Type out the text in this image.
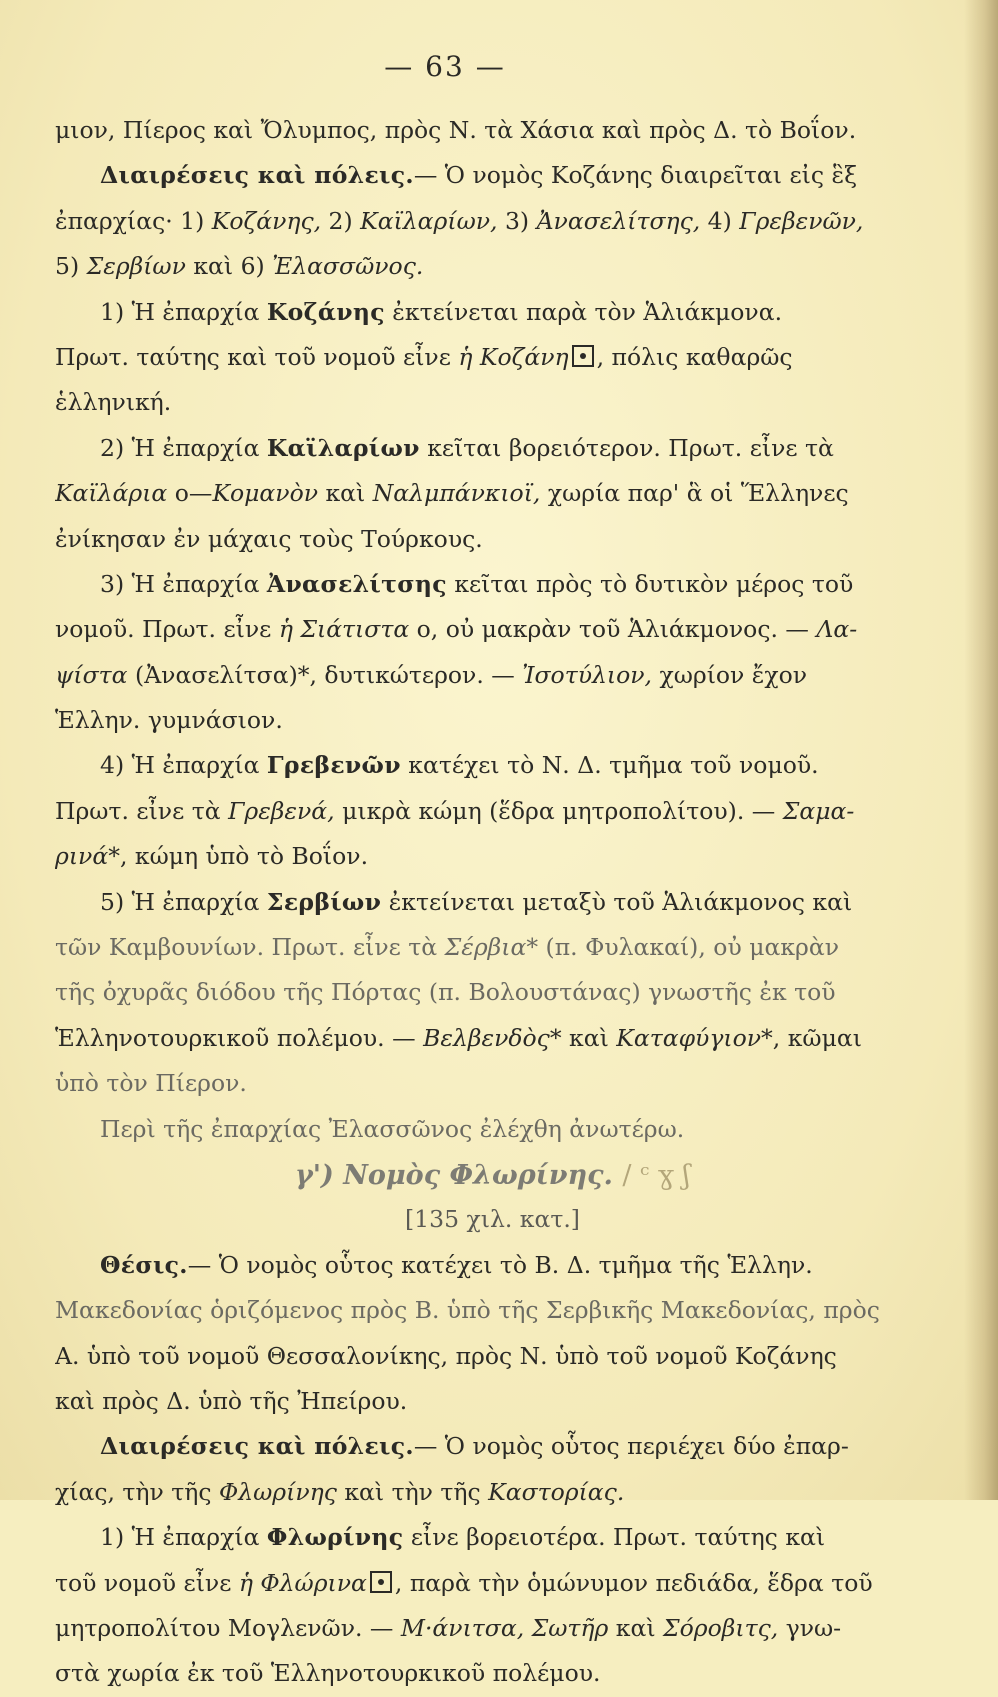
— 63 —
μιον, Πίερος καὶ Ὄλυμπος, πρὸς Ν. τὰ Χάσια καὶ πρὸς Δ. τὸ Βοΐον.
Διαιρέσεις καὶ πόλεις.— Ὁ νομὸς Κοζάνης διαιρεῖται εἰς ἓξ
ἐπαρχίας· 1) Κοζάνης, 2) Καϊλαρίων, 3) Ἀνασελίτσης, 4) Γρεβενῶν,
5) Σερβίων καὶ 6) Ἐλασσῶνος.
1) Ἡ ἐπαρχία Κοζάνης ἐκτείνεται παρὰ τὸν Ἁλιάκμονα.
Πρωτ. ταύτης καὶ τοῦ νομοῦ εἶνε ἡ Κοζάνη , πόλις καθαρῶς
ἑλληνική.
2) Ἡ ἐπαρχία Καϊλαρίων κεῖται βορειότερον. Πρωτ. εἶνε τὰ
Καϊλάρια ο—Κομανὸν καὶ Ναλμπάνκιοϊ, χωρία παρ' ἃ οἱ Ἕλληνες
ἐνίκησαν ἐν μάχαις τοὺς Τούρκους.
3) Ἡ ἐπαρχία Ἀνασελίτσης κεῖται πρὸς τὸ δυτικὸν μέρος τοῦ
νομοῦ. Πρωτ. εἶνε ἡ Σιάτιστα ο, οὐ μακρὰν τοῦ Ἁλιάκμονος. — Λα-
ψίστα (Ἀνασελίτσα)*, δυτικώτερον. — Ἰσοτύλιον, χωρίον ἔχον
Ἑλλην. γυμνάσιον.
4) Ἡ ἐπαρχία Γρεβενῶν κατέχει τὸ Ν. Δ. τμῆμα τοῦ νομοῦ.
Πρωτ. εἶνε τὰ Γρεβενά, μικρὰ κώμη (ἕδρα μητροπολίτου). — Σαμα-
ρινά*, κώμη ὑπὸ τὸ Βοΐον.
5) Ἡ ἐπαρχία Σερβίων ἐκτείνεται μεταξὺ τοῦ Ἁλιάκμονος καὶ
τῶν Καμβουνίων. Πρωτ. εἶνε τὰ Σέρβια* (π. Φυλακαί), οὐ μακρὰν
τῆς ὀχυρᾶς διόδου τῆς Πόρτας (π. Βολουστάνας) γνωστῆς ἐκ τοῦ
Ἑλληνοτουρκικοῦ πολέμου. — Βελβενδὸς* καὶ Καταφύγιον*, κῶμαι
ὑπὸ τὸν Πίερον.
Περὶ τῆς ἐπαρχίας Ἐλασσῶνος ἐλέχθη ἀνωτέρω.
γ') Νομὸς Φλωρίνης. / ᶜ ɣ ʃ
[135 χιλ. κατ.]
Θέσις.— Ὁ νομὸς οὗτος κατέχει τὸ Β. Δ. τμῆμα τῆς Ἑλλην.
Μακεδονίας ὁριζόμενος πρὸς Β. ὑπὸ τῆς Σερβικῆς Μακεδονίας, πρὸς
Α. ὑπὸ τοῦ νομοῦ Θεσσαλονίκης, πρὸς Ν. ὑπὸ τοῦ νομοῦ Κοζάνης
καὶ πρὸς Δ. ὑπὸ τῆς Ἠπείρου.
Διαιρέσεις καὶ πόλεις.— Ὁ νομὸς οὗτος περιέχει δύο ἐπαρ-
χίας, τὴν τῆς Φλωρίνης καὶ τὴν τῆς Καστορίας.
1) Ἡ ἐπαρχία Φλωρίνης εἶνε βορειοτέρα. Πρωτ. ταύτης καὶ
τοῦ νομοῦ εἶνε ἡ Φλώρινα , παρὰ τὴν ὁμώνυμον πεδιάδα, ἕδρα τοῦ
μητροπολίτου Μογλενῶν. — Μ·άνιτσα, Σωτῆρ καὶ Σόροβιτς, γνω-
στὰ χωρία ἐκ τοῦ Ἑλληνοτουρκικοῦ πολέμου.
